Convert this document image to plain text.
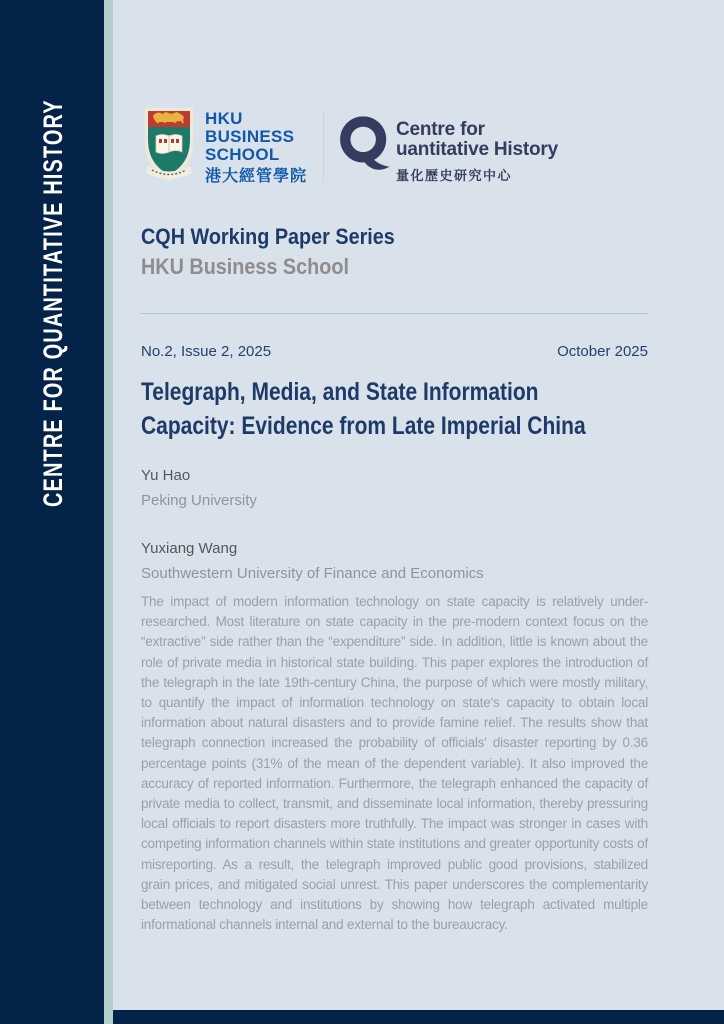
CENTRE FOR QUANTITATIVE HISTORY	HKU
BUSINESS
SCHOOL
港大經管學院
Centre for
uantitative History
量化歷史研究中心
CQH Working Paper Series
HKU Business School
No.2, Issue 2, 2025	October 2025
Telegraph, Media, and State Information
Capacity: Evidence from Late Imperial China
Yu Hao
Peking University
Yuxiang Wang
Southwestern University of Finance and Economics

The impact of modern information technology on state capacity is relatively under-researched. Most literature on state capacity in the pre-modern context focus on the “extractive” side rather than the “expenditure” side. In addition, little is known about the role of private media in historical state building. This paper explores the introduction of the telegraph in the late 19th-century China, the purpose of which were mostly military, to quantify the impact of information technology on state's capacity to obtain local information about natural disasters and to provide famine relief. The results show that telegraph connection increased the probability of officials' disaster reporting by 0.36 percentage points (31% of the mean of the dependent variable). It also improved the accuracy of reported information. Furthermore, the telegraph enhanced the capacity of private media to collect, transmit, and disseminate local information, thereby pressuring local officials to report disasters more truthfully. The impact was stronger in cases with competing information channels within state institutions and greater opportunity costs of misreporting. As a result, the telegraph improved public good provisions, stabilized grain prices, and mitigated social unrest. This paper underscores the complementarity between technology and institutions by showing how telegraph activated multiple informational channels internal and external to the bureaucracy.
